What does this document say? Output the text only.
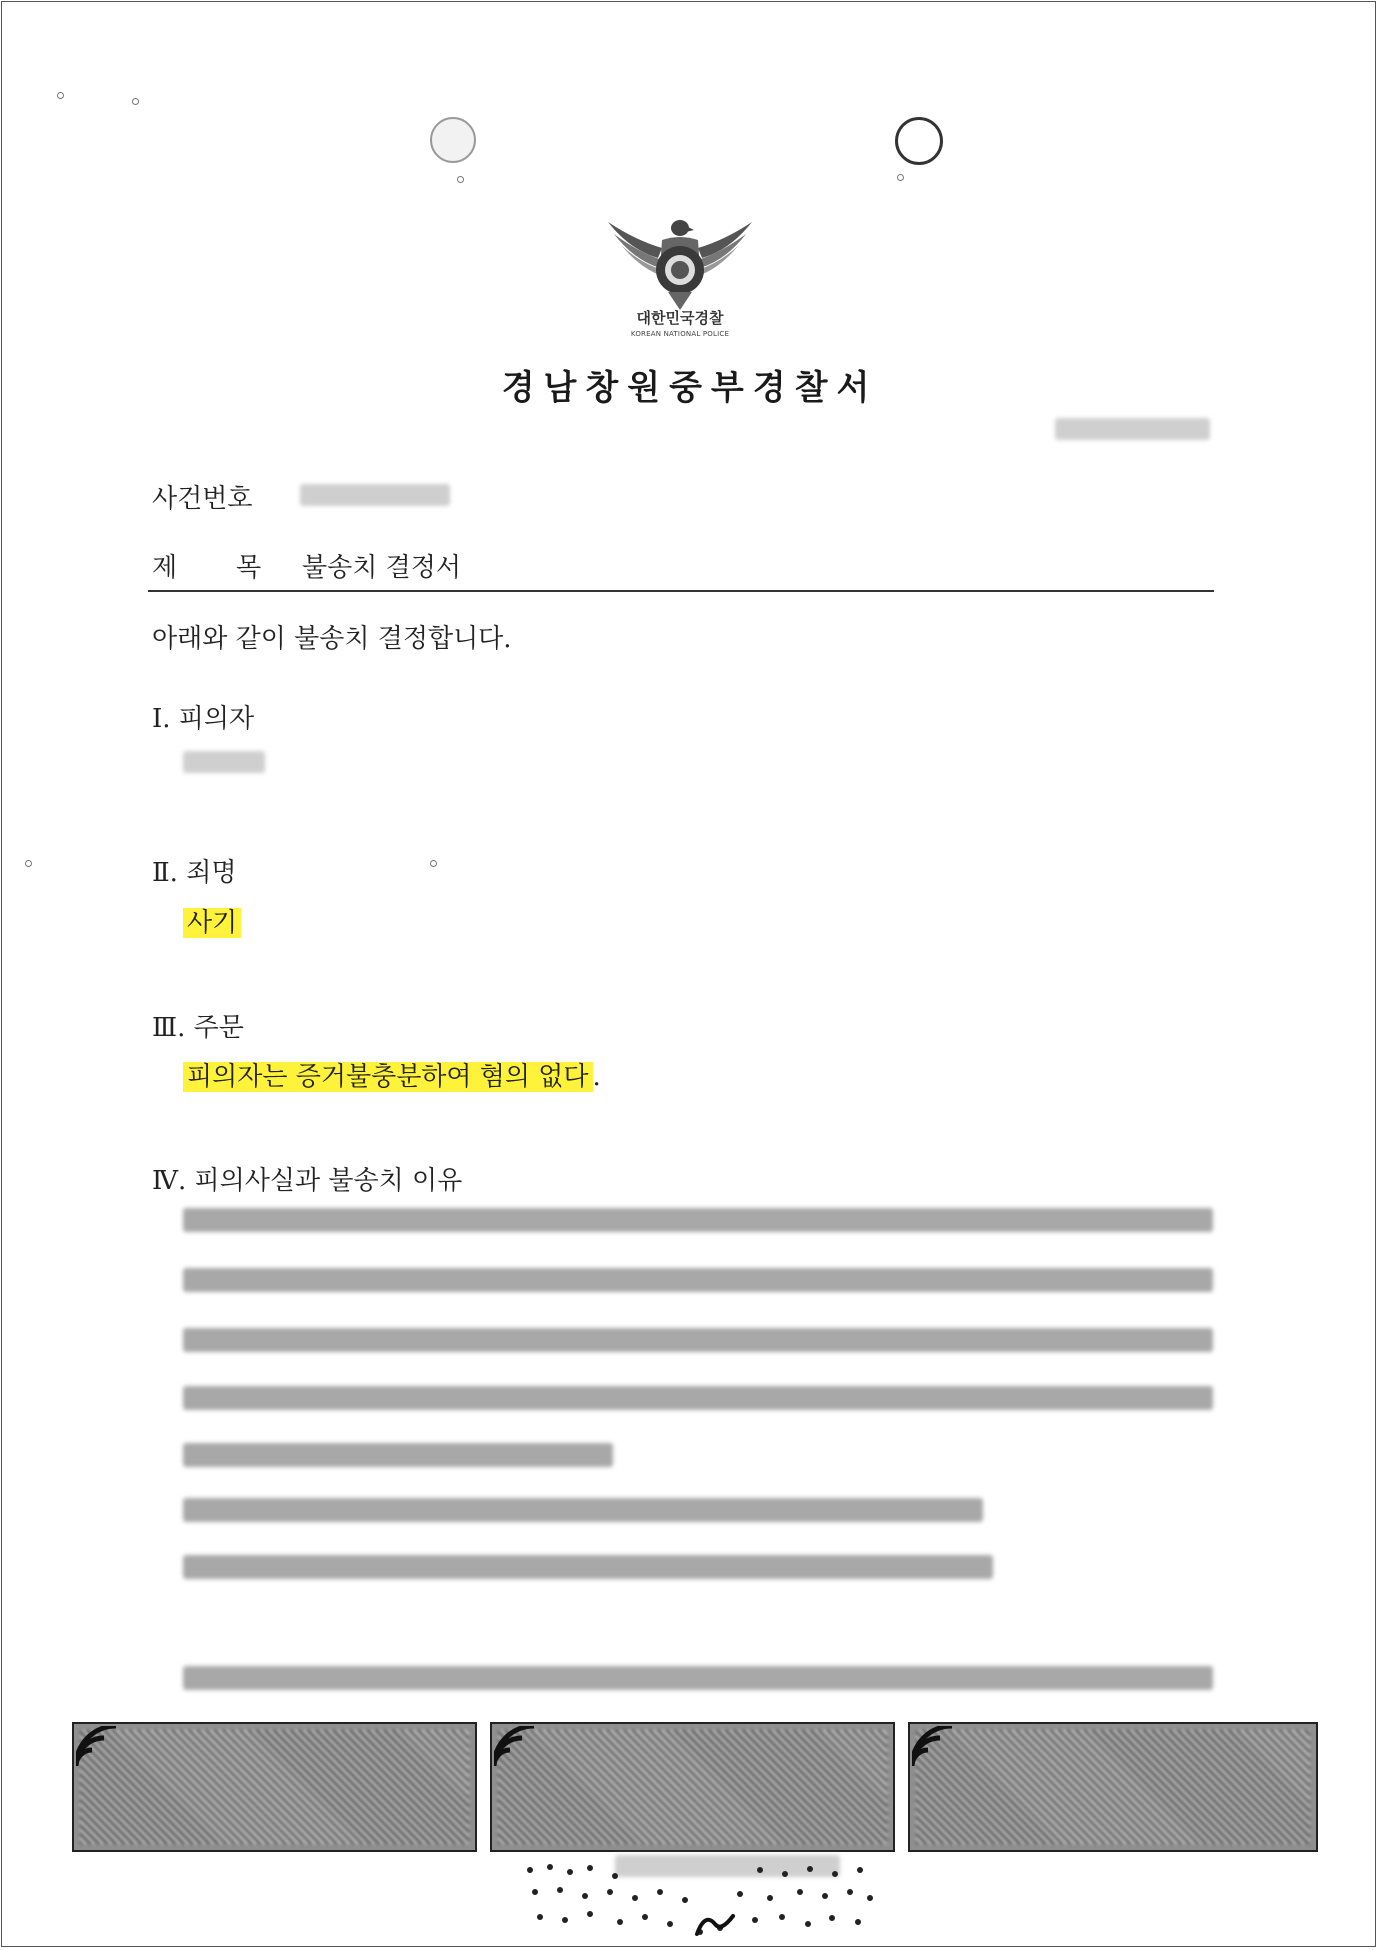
대한민국경찰
KOREAN NATIONAL POLICE
경남창원중부경찰서
사건번호
제 목 불송치 결정서
아래와 같이 불송치 결정합니다.
Ⅰ. 피의자
Ⅱ. 죄명
사기
Ⅲ. 주문
피의자는 증거불충분하여 혐의 없다 .
Ⅳ. 피의사실과 불송치 이유
